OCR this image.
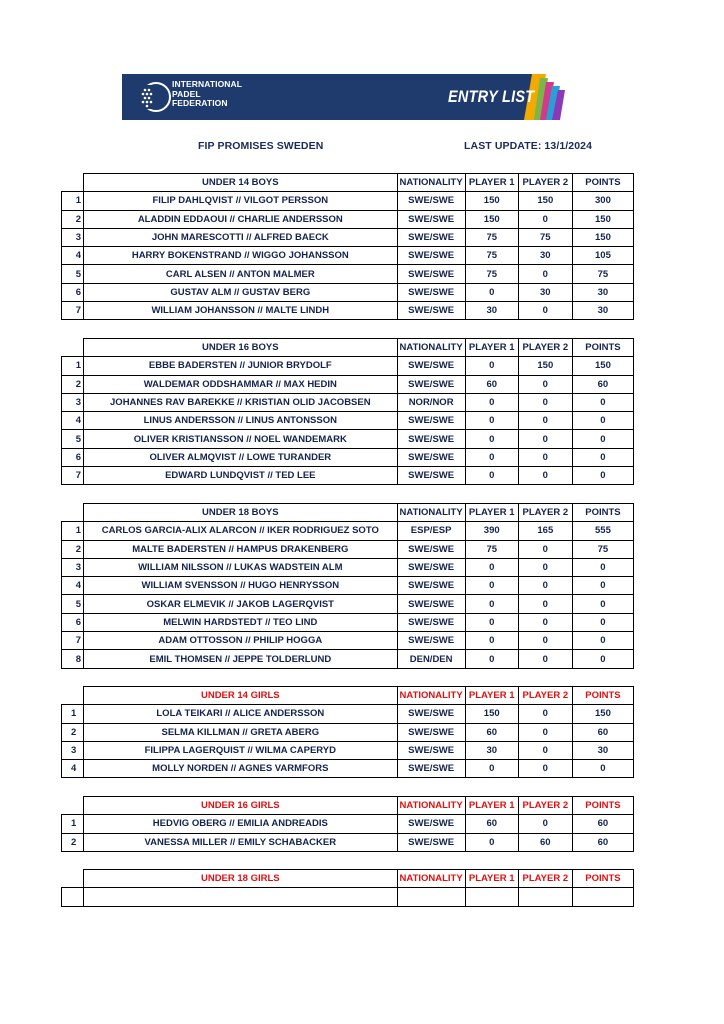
INTERNATIONAL
PADEL
FEDERATION	ENTRY LIST
FIP PROMISES SWEDEN	LAST UPDATE: 13/1/2024
	UNDER 14 BOYS	NATIONALITY	PLAYER 1	PLAYER 2	POINTS
1	FILIP DAHLQVIST // VILGOT PERSSON	SWE/SWE	150	150	300
2	ALADDIN EDDAOUI // CHARLIE ANDERSSON	SWE/SWE	150	0	150
3	JOHN MARESCOTTI // ALFRED BAECK	SWE/SWE	75	75	150
4	HARRY BOKENSTRAND // WIGGO JOHANSSON	SWE/SWE	75	30	105
5	CARL ALSEN // ANTON MALMER	SWE/SWE	75	0	75
6	GUSTAV ALM // GUSTAV BERG	SWE/SWE	0	30	30
7	WILLIAM JOHANSSON // MALTE LINDH	SWE/SWE	30	0	30
	UNDER 16 BOYS	NATIONALITY	PLAYER 1	PLAYER 2	POINTS
1	EBBE BADERSTEN // JUNIOR BRYDOLF	SWE/SWE	0	150	150
2	WALDEMAR ODDSHAMMAR // MAX HEDIN	SWE/SWE	60	0	60
3	JOHANNES RAV BAREKKE // KRISTIAN OLID JACOBSEN	NOR/NOR	0	0	0
4	LINUS ANDERSSON // LINUS ANTONSSON	SWE/SWE	0	0	0
5	OLIVER KRISTIANSSON // NOEL WANDEMARK	SWE/SWE	0	0	0
6	OLIVER ALMQVIST // LOWE TURANDER	SWE/SWE	0	0	0
7	EDWARD LUNDQVIST // TED LEE	SWE/SWE	0	0	0
	UNDER 18 BOYS	NATIONALITY	PLAYER 1	PLAYER 2	POINTS
1	CARLOS GARCIA-ALIX ALARCON // IKER RODRIGUEZ SOTO	ESP/ESP	390	165	555
2	MALTE BADERSTEN // HAMPUS DRAKENBERG	SWE/SWE	75	0	75
3	WILLIAM NILSSON // LUKAS WADSTEIN ALM	SWE/SWE	0	0	0
4	WILLIAM SVENSSON // HUGO HENRYSSON	SWE/SWE	0	0	0
5	OSKAR ELMEVIK // JAKOB LAGERQVIST	SWE/SWE	0	0	0
6	MELWIN HARDSTEDT // TEO LIND	SWE/SWE	0	0	0
7	ADAM OTTOSSON // PHILIP HOGGA	SWE/SWE	0	0	0
8	EMIL THOMSEN // JEPPE TOLDERLUND	DEN/DEN	0	0	0
	UNDER 14 GIRLS	NATIONALITY	PLAYER 1	PLAYER 2	POINTS
1	LOLA TEIKARI // ALICE ANDERSSON	SWE/SWE	150	0	150
2	SELMA KILLMAN // GRETA ABERG	SWE/SWE	60	0	60
3	FILIPPA LAGERQUIST // WILMA CAPERYD	SWE/SWE	30	0	30
4	MOLLY NORDEN // AGNES VARMFORS	SWE/SWE	0	0	0
	UNDER 16 GIRLS	NATIONALITY	PLAYER 1	PLAYER 2	POINTS
1	HEDVIG OBERG // EMILIA ANDREADIS	SWE/SWE	60	0	60
2	VANESSA MILLER // EMILY SCHABACKER	SWE/SWE	0	60	60
	UNDER 18 GIRLS	NATIONALITY	PLAYER 1	PLAYER 2	POINTS
